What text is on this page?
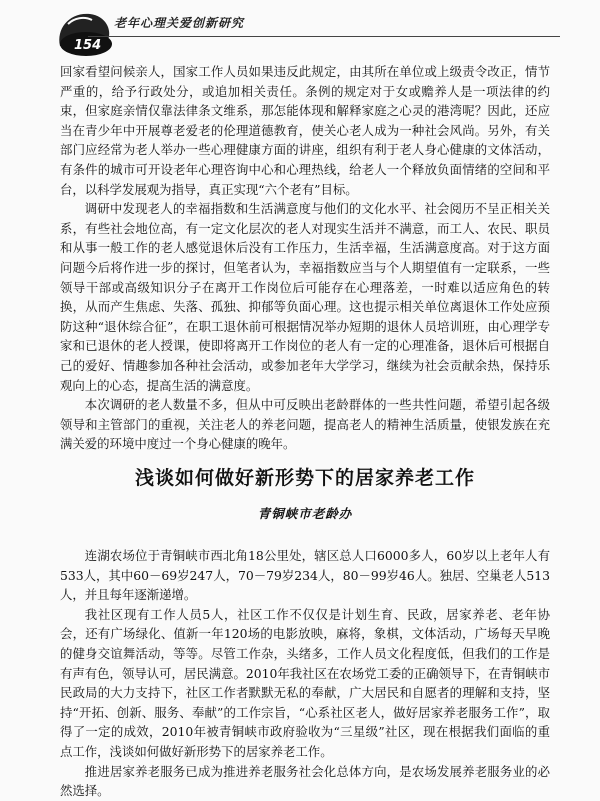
154
老年心理关爱创新研究

回家看望问候亲人，国家工作人员如果违反此规定，由其所在单位或上级责令改正，情节严重的，给予行政处分，或追加相关责任。条例的规定对于女或赡养人是一项法律的约束，但家庭亲情仅靠法律条文维系，那怎能体现和解释家庭之心灵的港湾呢？因此，还应当在青少年中开展尊老爱老的伦理道德教育，使关心老人成为一种社会风尚。另外，有关部门应经常为老人举办一些心理健康方面的讲座，组织有利于老人身心健康的文体活动，有条件的城市可开设老年心理咨询中心和心理热线，给老人一个释放负面情绪的空间和平台，以科学发展观为指导，真正实现“六个老有”目标。

调研中发现老人的幸福指数和生活满意度与他们的文化水平、社会阅历不呈正相关关系，有些社会地位高，有一定文化层次的老人对现实生活并不满意，而工人、农民、职员和从事一般工作的老人感觉退休后没有工作压力，生活幸福，生活满意度高。对于这方面问题今后将作进一步的探讨，但笔者认为，幸福指数应当与个人期望值有一定联系，一些领导干部或高级知识分子在离开工作岗位后可能存在心理落差，一时难以适应角色的转换，从而产生焦虑、失落、孤独、抑郁等负面心理。这也提示相关单位离退休工作处应预防这种“退休综合征”，在职工退休前可根据情况举办短期的退休人员培训班，由心理学专家和已退休的老人授课，使即将离开工作岗位的老人有一定的心理准备，退休后可根据自己的爱好、情趣参加各种社会活动，或参加老年大学学习，继续为社会贡献余热，保持乐观向上的心态，提高生活的满意度。

本次调研的老人数量不多，但从中可反映出老龄群体的一些共性问题，希望引起各级领导和主管部门的重视，关注老人的养老问题，提高老人的精神生活质量，使银发族在充满关爱的环境中度过一个身心健康的晚年。

浅谈如何做好新形势下的居家养老工作
青铜峡市老龄办

连湖农场位于青铜峡市西北角18公里处，辖区总人口6000多人，60岁以上老年人有533人，其中60－69岁247人，70－79岁234人，80－99岁46人。独居、空巢老人513人，并且每年逐渐递增。

我社区现有工作人员5人，社区工作不仅仅是计划生育、民政，居家养老、老年协会，还有广场绿化、值新一年120场的电影放映，麻将，象棋，文体活动，广场每天早晚的健身交谊舞活动，等等。尽管工作杂，头绪多，工作人员文化程度低，但我们的工作是有声有色，领导认可，居民满意。2010年我社区在农场党工委的正确领导下，在青铜峡市民政局的大力支持下，社区工作者默默无私的奉献，广大居民和自愿者的理解和支持，坚持“开拓、创新、服务、奉献”的工作宗旨，“心系社区老人，做好居家养老服务工作”，取得了一定的成效，2010年被青铜峡市政府验收为“三星级”社区，现在根据我们面临的重点工作，浅谈如何做好新形势下的居家养老工作。

推进居家养老服务已成为推进养老服务社会化总体方向，是农场发展养老服务业的必然选择。
